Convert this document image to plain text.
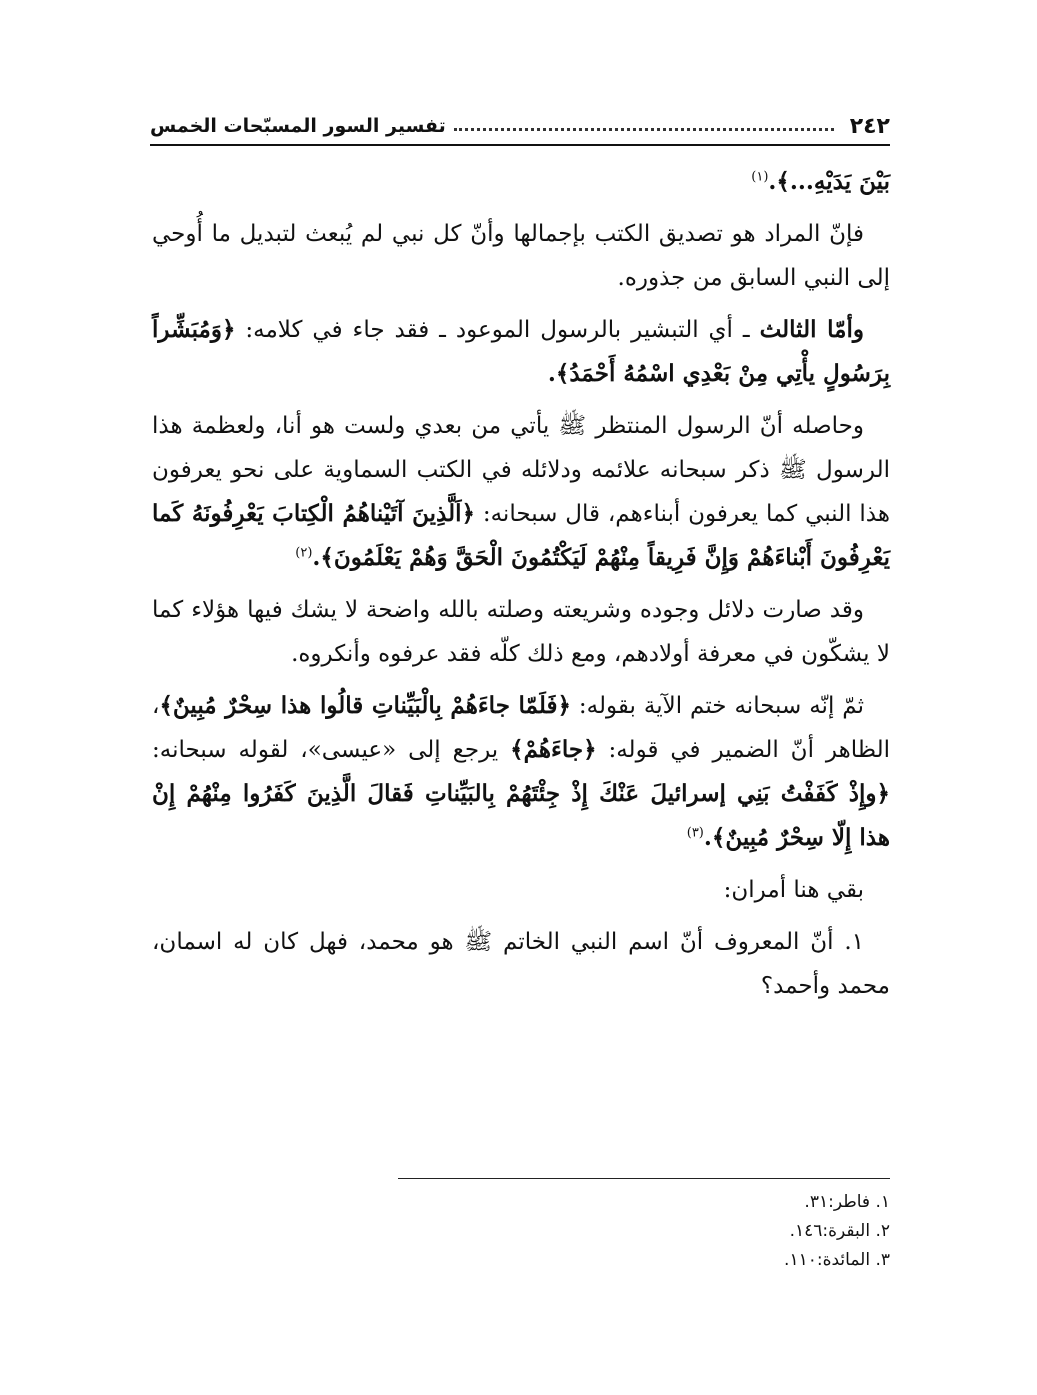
٢٤٢
تفسير السور المسبّحات الخمس

بَيْنَ يَدَيْهِ...﴾.$^{(١)}$

فإنّ المراد هو تصديق الكتب بإجمالها وأنّ كل نبي لم يُبعث لتبديل ما أُوحي إلى النبي السابق من جذوره.

وأمّا الثالث ـ أي التبشير بالرسول الموعود ـ فقد جاء في كلامه: ﴿وَمُبَشِّراً بِرَسُولٍ يأْتِي مِنْ بَعْدِي اسْمُهُ أَحْمَدُ﴾.

وحاصله أنّ الرسول المنتظر ﷺ يأتي من بعدي ولست هو أنا، ولعظمة هذا الرسول ﷺ ذكر سبحانه علائمه ودلائله في الكتب السماوية على نحو يعرفون هذا النبي كما يعرفون أبناءهم، قال سبحانه: ﴿اَلَّذِينَ آتَيْناهُمُ الْكِتابَ يَعْرِفُونَهُ كَما يَعْرِفُونَ أَبْناءَهُمْ وَإِنَّ فَرِيقاً مِنْهُمْ لَيَكْتُمُونَ الْحَقَّ وَهُمْ يَعْلَمُونَ﴾.$^{(٢)}$

وقد صارت دلائل وجوده وشريعته وصلته بالله واضحة لا يشك فيها هؤلاء كما لا يشكّون في معرفة أولادهم، ومع ذلك كلّه فقد عرفوه وأنكروه.

ثمّ إنّه سبحانه ختم الآية بقوله: ﴿فَلَمّا جاءَهُمْ بِالْبَيِّناتِ قالُوا هذا سِحْرٌ مُبِينٌ﴾، الظاهر أنّ الضمير في قوله: ﴿جاءَهُمْ﴾ يرجع إلى «عيسى»، لقوله سبحانه: ﴿وإِذْ كَفَفْتُ بَنِي إسرائيلَ عَنْكَ إِذْ جِئْتَهُمْ بِالبَيِّناتِ فَقالَ الَّذِينَ كَفَرُوا مِنْهُمْ إِنْ هذا إِلّا سِحْرٌ مُبِينٌ﴾.$^{(٣)}$

بقي هنا أمران:

١. أنّ المعروف أنّ اسم النبي الخاتم ﷺ هو محمد، فهل كان له اسمان، محمد وأحمد؟

١. فاطر:٣١.
٢. البقرة:١٤٦.
٣. المائدة:١١٠.
